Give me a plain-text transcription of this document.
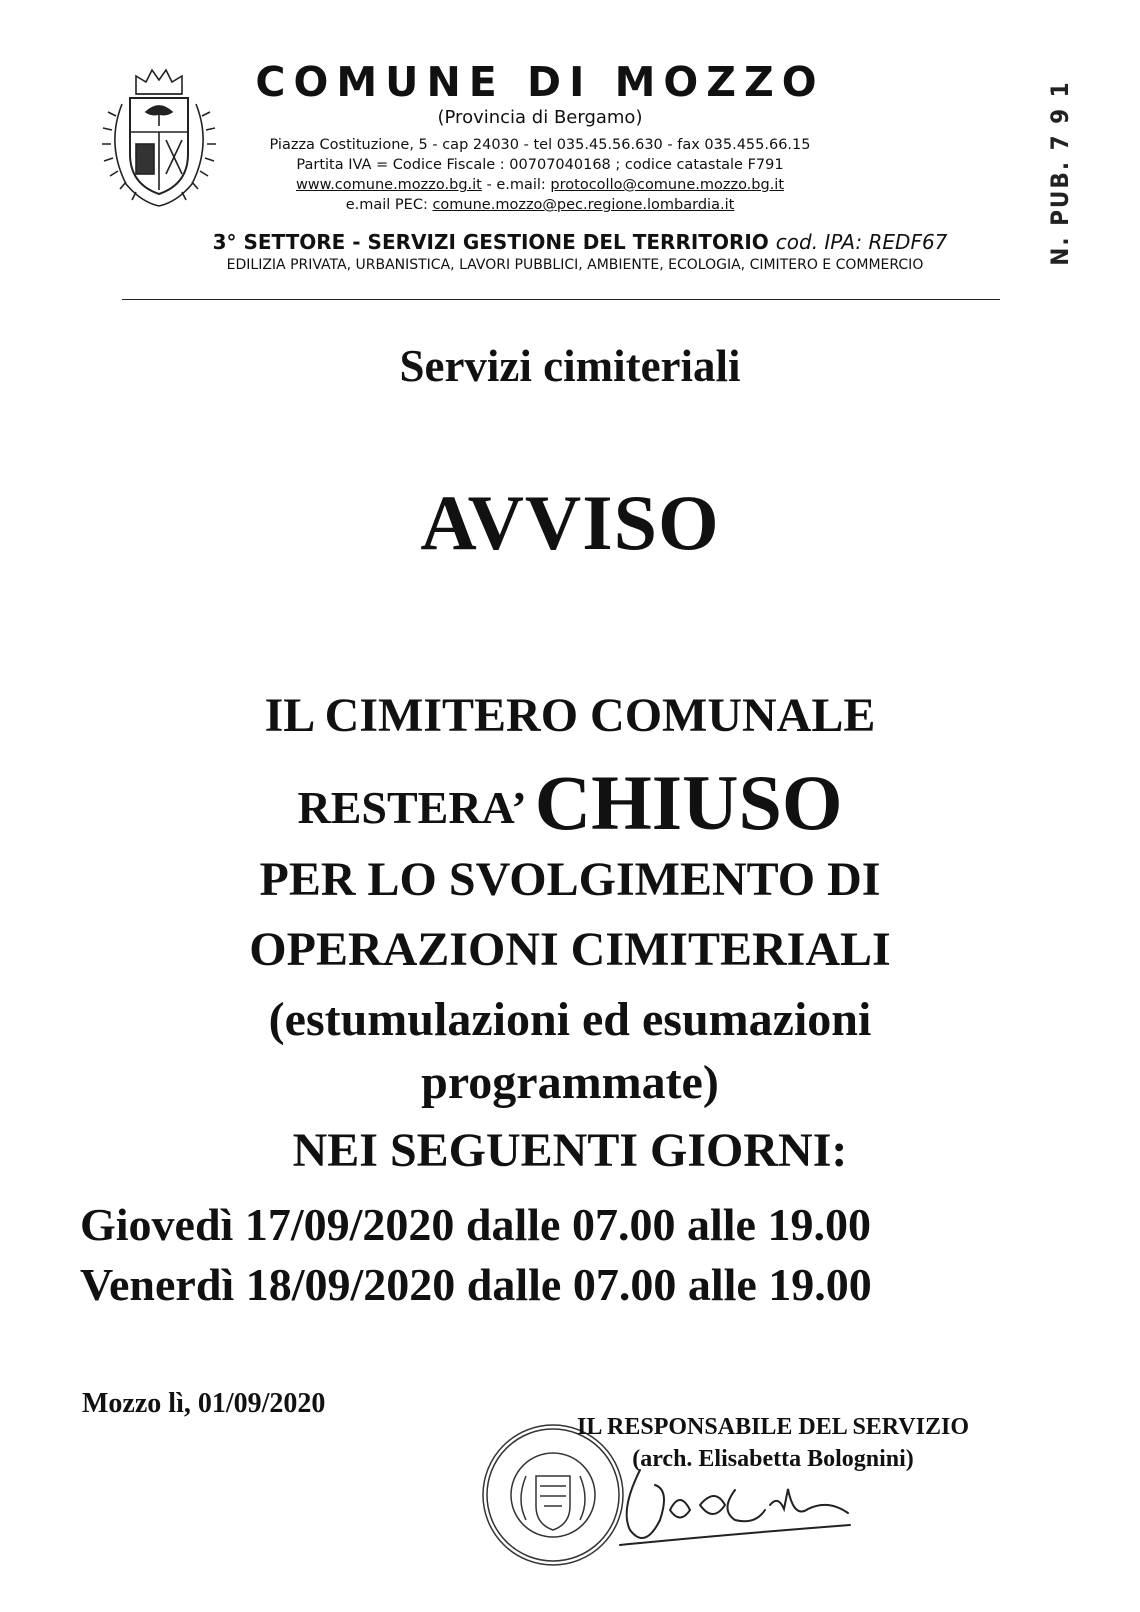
COMUNE DI MOZZO
(Provincia di Bergamo)
Piazza Costituzione, 5 - cap 24030 - tel 035.45.56.630 - fax 035.455.66.15
Partita IVA = Codice Fiscale : 00707040168 ; codice catastale F791
www.comune.mozzo.bg.it - e.mail: protocollo@comune.mozzo.bg.it
e.mail PEC: comune.mozzo@pec.regione.lombardia.it
3° SETTORE - SERVIZI GESTIONE DEL TERRITORIO cod. IPA: REDF67
EDILIZIA PRIVATA, URBANISTICA, LAVORI PUBBLICI, AMBIENTE, ECOLOGIA, CIMITERO E COMMERCIO	N. PUB. 7 9 1
Servizi cimiteriali
AVVISO
IL CIMITERO COMUNALE
RESTERA’ CHIUSO
PER LO SVOLGIMENTO DI
OPERAZIONI CIMITERIALI
(estumulazioni ed esumazioni
programmate)
NEI SEGUENTI GIORNI:
Giovedì 17/09/2020 dalle 07.00 alle 19.00
Venerdì 18/09/2020 dalle 07.00 alle 19.00
Mozzo lì, 01/09/2020
IL RESPONSABILE DEL SERVIZIO
(arch. Elisabetta Bolognini)
